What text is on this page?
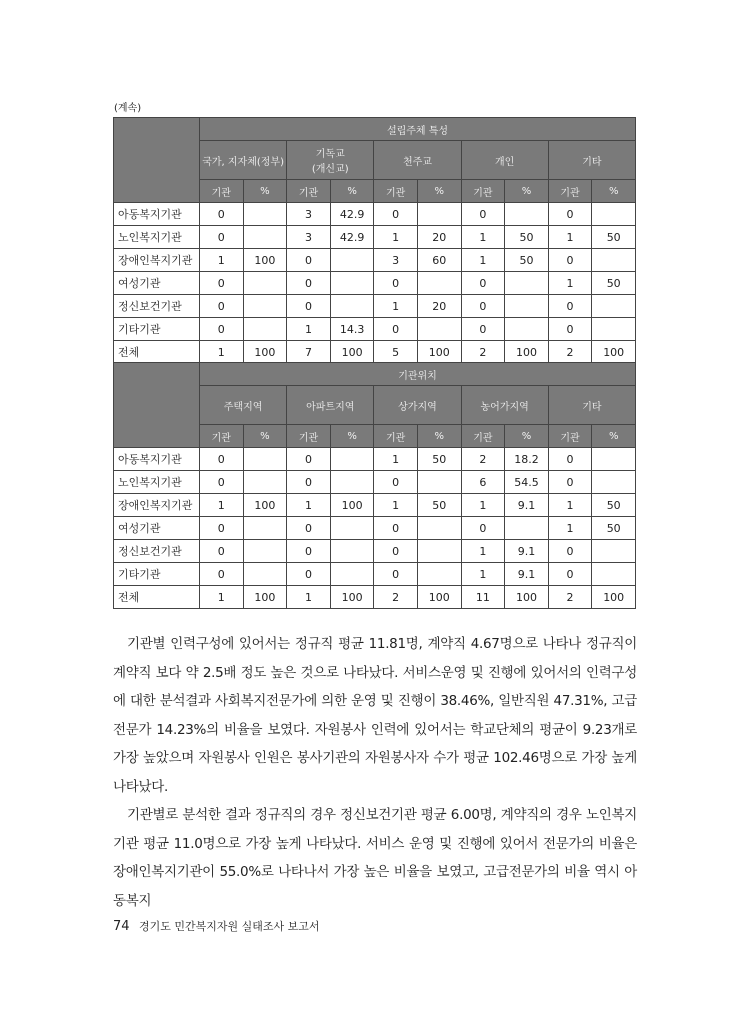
(계속)
	설립주체 특성									
	국가, 지자체(정부)		기독교
(개신교)		천주교		개인		기타	
	기관	%	기관	%	기관	%	기관	%	기관	%
아동복지기관	0		3	42.9	0		0		0	
노인복지기관	0		3	42.9	1	20	1	50	1	50
장애인복지기관	1	100	0		3	60	1	50	0	
여성기관	0		0		0		0		1	50
정신보건기관	0		0		1	20	0		0	
기타기관	0		1	14.3	0		0		0	
전체	1	100	7	100	5	100	2	100	2	100
	기관위치									
	주택지역		아파트지역		상가지역		농어가지역		기타	
	기관	%	기관	%	기관	%	기관	%	기관	%
아동복지기관	0		0		1	50	2	18.2	0	
노인복지기관	0		0		0		6	54.5	0	
장애인복지기관	1	100	1	100	1	50	1	9.1	1	50
여성기관	0		0		0		0		1	50
정신보건기관	0		0		0		1	9.1	0	
기타기관	0		0		0		1	9.1	0	
전체	1	100	1	100	2	100	11	100	2	100

기관별 인력구성에 있어서는 정규직 평균 11.81명, 계약직 4.67명으로 나타나 정규직이 계약직 보다 약 2.5배 정도 높은 것으로 나타났다. 서비스운영 및 진행에 있어서의 인력구성에 대한 분석결과 사회복지전문가에 의한 운영 및 진행이 38.46%, 일반직원 47.31%, 고급전문가 14.23%의 비율을 보였다. 자원봉사 인력에 있어서는 학교단체의 평균이 9.23개로 가장 높았으며 자원봉사 인원은 봉사기관의 자원봉사자 수가 평균 102.46명으로 가장 높게 나타났다.

기관별로 분석한 결과 정규직의 경우 정신보건기관 평균 6.00명, 계약직의 경우 노인복지기관 평균 11.0명으로 가장 높게 나타났다. 서비스 운영 및 진행에 있어서 전문가의 비율은 장애인복지기관이 55.0%로 나타나서 가장 높은 비율을 보였고, 고급전문가의 비율 역시 아동복지

74 경기도 민간복지자원 실태조사 보고서
